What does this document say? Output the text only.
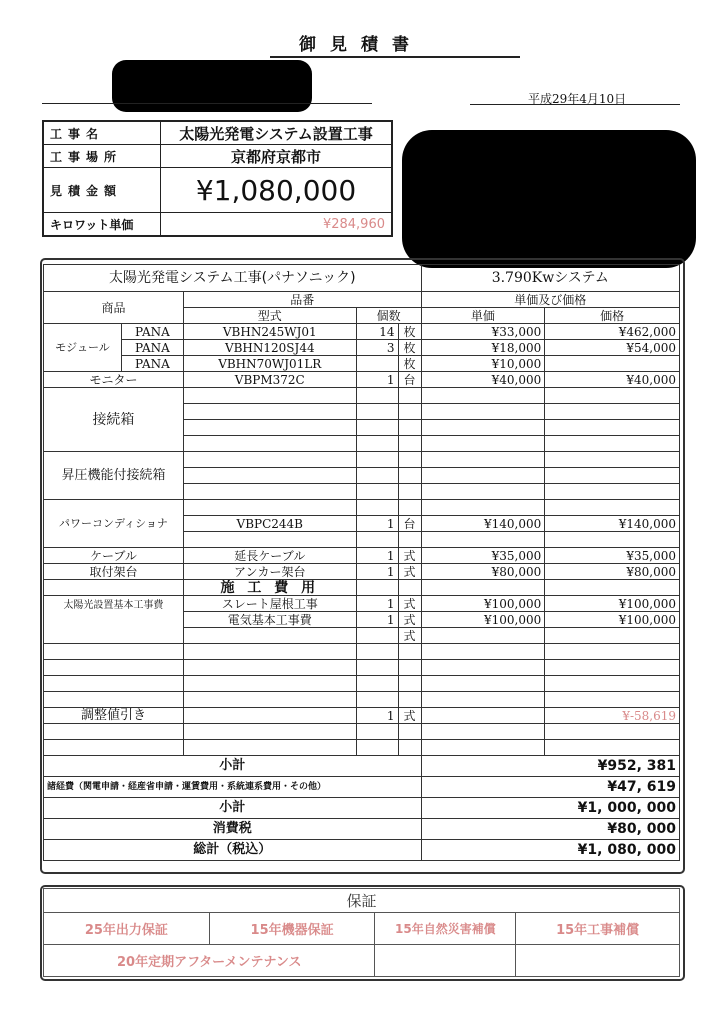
御見積書
平成29年4月10日
工事名	太陽光発電システム設置工事
工事場所	京都府京都市
見積金額	¥1,080,000
キロワット単価	¥284,960
太陽光発電システム工事(パナソニック)					3.790Kwシステム	
商品		品番			単価及び価格	
		型式	個数		単価	価格
モジュール	PANA	VBHN245WJ01	14	枚	¥33,000	¥462,000
	PANA	VBHN120SJ44	3	枚	¥18,000	¥54,000
	PANA	VBHN70WJ01LR		枚	¥10,000	
モニター		VBPM372C	1	台	¥40,000	¥40,000
接続箱						

昇圧機能付接続箱						

パワーコンディショナ						
		VBPC244B	1	台	¥140,000	¥140,000

ケーブル		延長ケーブル	1	式	¥35,000	¥35,000
取付架台		アンカー架台	1	式	¥80,000	¥80,000
		施 工 費 用				
太陽光設置基本工事費		スレート屋根工事	1	式	¥100,000	¥100,000
		電気基本工事費	1	式	¥100,000	¥100,000
				式		

調整値引き			1	式		¥-58,619

小計					¥952, 381	
諸経費（関電申請・経産省申請・運賃費用・系統連系費用・その他）					¥47, 619	
小計					¥1, 000, 000	
消費税					¥80, 000	
総計（税込）					¥1, 080, 000	
保証			
25年出力保証	15年機器保証	15年自然災害補償	15年工事補償
20年定期アフターメンテナンス			
